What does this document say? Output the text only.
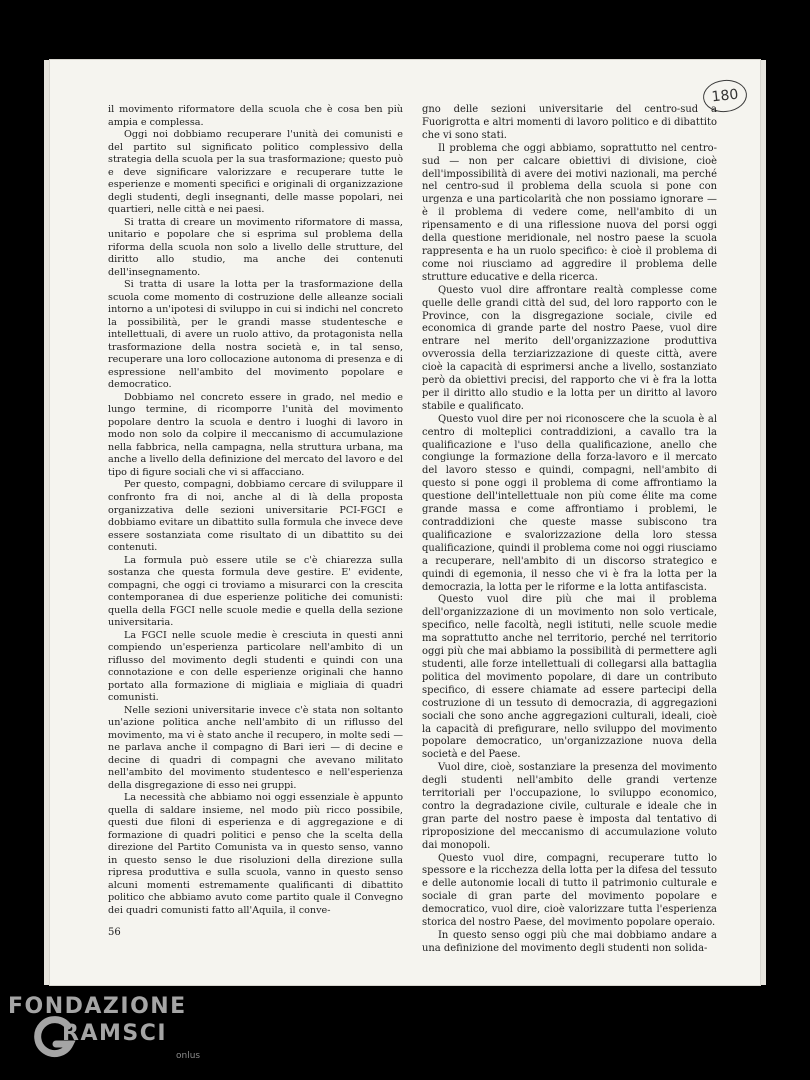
180

il movimento riformatore della scuola che è cosa ben più ampia e complessa.

Oggi noi dobbiamo recuperare l'unità dei comunisti e del partito sul significato politico complessivo della strategia della scuola per la sua trasformazione; questo può e deve significare valorizzare e recuperare tutte le esperienze e momenti specifici e originali di organizzazione degli studenti, degli insegnanti, delle masse popolari, nei quartieri, nelle città e nei paesi.

Si tratta di creare un movimento riformatore di massa, unitario e popolare che si esprima sul problema della riforma della scuola non solo a livello delle strutture, del diritto allo studio, ma anche dei contenuti dell'insegnamento.

Si tratta di usare la lotta per la trasformazione della scuola come momento di costruzione delle alleanze sociali intorno a un'ipotesi di sviluppo in cui si indichi nel concreto la possibilità, per le grandi masse studentesche e intellettuali, di avere un ruolo attivo, da protagonista nella trasformazione della nostra società e, in tal senso, recuperare una loro collocazione autonoma di presenza e di espressione nell'ambito del movimento popolare e democratico.

Dobbiamo nel concreto essere in grado, nel medio e lungo termine, di ricomporre l'unità del movimento popolare dentro la scuola e dentro i luoghi di lavoro in modo non solo da colpire il meccanismo di accumulazione nella fabbrica, nella campagna, nella struttura urbana, ma anche a livello della definizione del mercato del lavoro e del tipo di figure sociali che vi si affacciano.

Per questo, compagni, dobbiamo cercare di sviluppare il confronto fra di noi, anche al di là della proposta organizzativa delle sezioni universitarie PCI-FGCI e dobbiamo evitare un dibattito sulla formula che invece deve essere sostanziata come risultato di un dibattito su dei contenuti.

La formula può essere utile se c'è chiarezza sulla sostanza che questa formula deve gestire. E' evidente, compagni, che oggi ci troviamo a misurarci con la crescita contemporanea di due esperienze politiche dei comunisti: quella della FGCI nelle scuole medie e quella della sezione universitaria.

La FGCI nelle scuole medie è cresciuta in questi anni compiendo un'esperienza particolare nell'ambito di un riflusso del movimento degli studenti e quindi con una connotazione e con delle esperienze originali che hanno portato alla formazione di migliaia e migliaia di quadri comunisti.

Nelle sezioni universitarie invece c'è stata non soltanto un'azione politica anche nell'ambito di un riflusso del movimento, ma vi è stato anche il recupero, in molte sedi — ne parlava anche il compagno di Bari ieri — di decine e decine di quadri di compagni che avevano militato nell'ambito del movimento studentesco e nell'esperienza della disgregazione di esso nei gruppi.

La necessità che abbiamo noi oggi essenziale è appunto quella di saldare insieme, nel modo più ricco possibile, questi due filoni di esperienza e di aggregazione e di formazione di quadri politici e penso che la scelta della direzione del Partito Comunista va in questo senso, vanno in questo senso le due risoluzioni della direzione sulla ripresa produttiva e sulla scuola, vanno in questo senso alcuni momenti estremamente qualificanti di dibattito politico che abbiamo avuto come partito quale il Convegno dei quadri comunisti fatto all'Aquila, il conve-

gno delle sezioni universitarie del centro-sud a Fuorigrotta e altri momenti di lavoro politico e di dibattito che vi sono stati.

Il problema che oggi abbiamo, soprattutto nel centro-sud — non per calcare obiettivi di divisione, cioè dell'impossibilità di avere dei motivi nazionali, ma perché nel centro-sud il problema della scuola si pone con urgenza e una particolarità che non possiamo ignorare — è il problema di vedere come, nell'ambito di un ripensamento e di una riflessione nuova del porsi oggi della questione meridionale, nel nostro paese la scuola rappresenta e ha un ruolo specifico: è cioè il problema di come noi riusciamo ad aggredire il problema delle strutture educative e della ricerca.

Questo vuol dire affrontare realtà complesse come quelle delle grandi città del sud, del loro rapporto con le Province, con la disgregazione sociale, civile ed economica di grande parte del nostro Paese, vuol dire entrare nel merito dell'organizzazione produttiva ovverossia della terziarizzazione di queste città, avere cioè la capacità di esprimersi anche a livello, sostanziato però da obiettivi precisi, del rapporto che vi è fra la lotta per il diritto allo studio e la lotta per un diritto al lavoro stabile e qualificato.

Questo vuol dire per noi riconoscere che la scuola è al centro di molteplici contraddizioni, a cavallo tra la qualificazione e l'uso della qualificazione, anello che congiunge la formazione della forza-lavoro e il mercato del lavoro stesso e quindi, compagni, nell'ambito di questo si pone oggi il problema di come affrontiamo la questione dell'intellettuale non più come élite ma come grande massa e come affrontiamo i problemi, le contraddizioni che queste masse subiscono tra qualificazione e svalorizzazione della loro stessa qualificazione, quindi il problema come noi oggi riusciamo a recuperare, nell'ambito di un discorso strategico e quindi di egemonia, il nesso che vi è fra la lotta per la democrazia, la lotta per le riforme e la lotta antifascista.

Questo vuol dire più che mai il problema dell'organizzazione di un movimento non solo verticale, specifico, nelle facoltà, negli istituti, nelle scuole medie ma soprattutto anche nel territorio, perché nel territorio oggi più che mai abbiamo la possibilità di permettere agli studenti, alle forze intellettuali di collegarsi alla battaglia politica del movimento popolare, di dare un contributo specifico, di essere chiamate ad essere partecipi della costruzione di un tessuto di democrazia, di aggregazioni sociali che sono anche aggregazioni culturali, ideali, cioè la capacità di prefigurare, nello sviluppo del movimento popolare democratico, un'organizzazione nuova della società e del Paese.

Vuol dire, cioè, sostanziare la presenza del movimento degli studenti nell'ambito delle grandi vertenze territoriali per l'occupazione, lo sviluppo economico, contro la degradazione civile, culturale e ideale che in gran parte del nostro paese è imposta dal tentativo di riproposizione del meccanismo di accumulazione voluto dai monopoli.

Questo vuol dire, compagni, recuperare tutto lo spessore e la ricchezza della lotta per la difesa del tessuto e delle autonomie locali di tutto il patrimonio culturale e sociale di gran parte del movimento popolare e democratico, vuol dire, cioè valorizzare tutta l'esperienza storica del nostro Paese, del movimento popolare operaio.

In questo senso oggi più che mai dobbiamo andare a una definizione del movimento degli studenti non solida-

56
FONDAZIONE
RAMSCI
onlus
